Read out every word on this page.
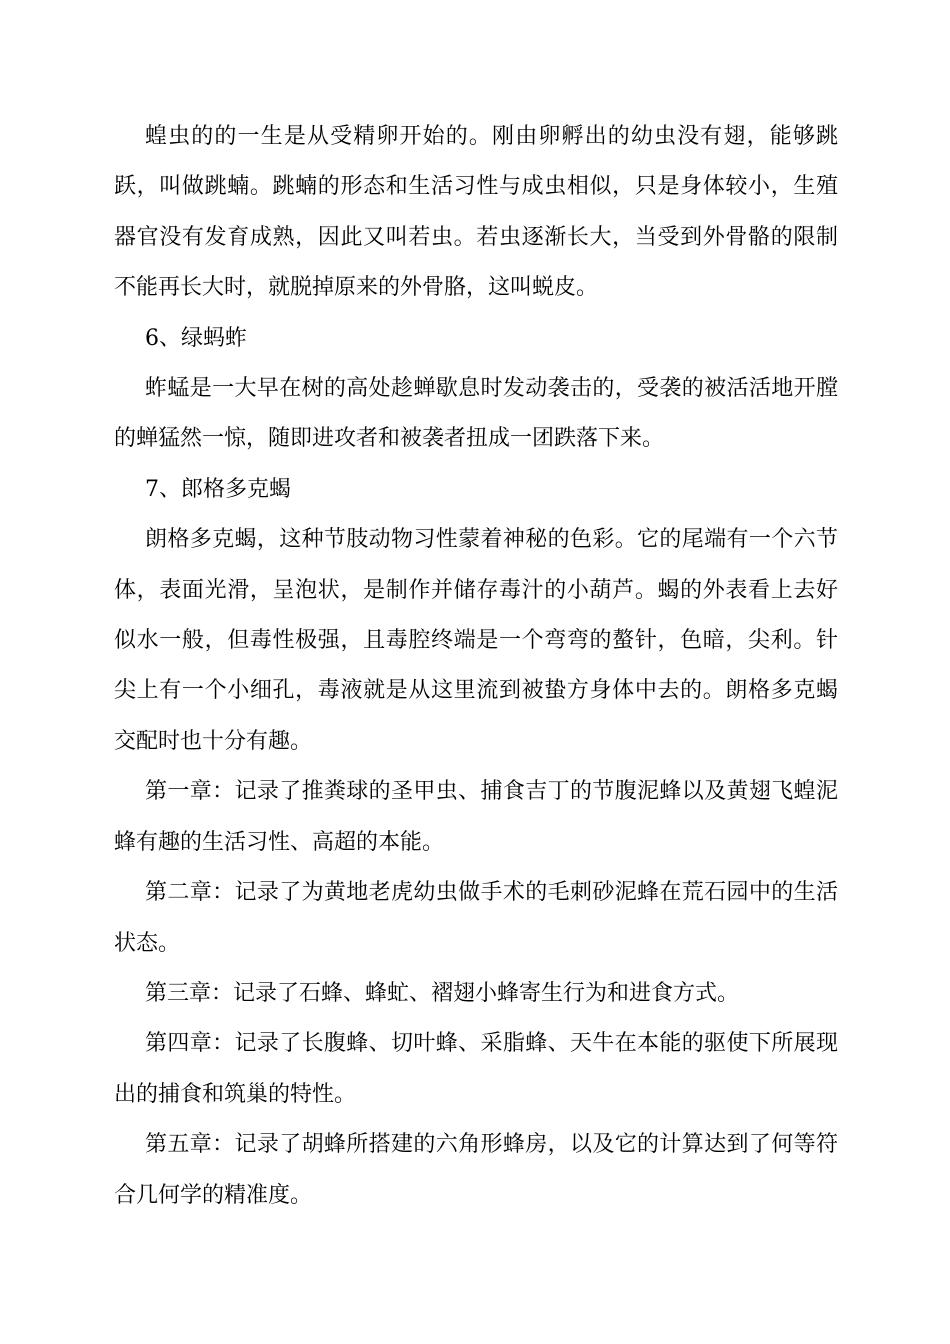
蝗虫的的一生是从受精卵开始的。刚由卵孵出的幼虫没有翅，能够跳跃，叫做跳蝻。跳蝻的形态和生活习性与成虫相似，只是身体较小，生殖器官没有发育成熟，因此又叫若虫。若虫逐渐长大，当受到外骨骼的限制不能再长大时，就脱掉原来的外骨胳，这叫蜕皮。

6、绿蚂蚱

蚱蜢是一大早在树的高处趁蝉歇息时发动袭击的，受袭的被活活地开膛的蝉猛然一惊，随即进攻者和被袭者扭成一团跌落下来。

7、郎格多克蝎

朗格多克蝎，这种节肢动物习性蒙着神秘的色彩。它的尾端有一个六节体，表面光滑，呈泡状，是制作并储存毒汁的小葫芦。蝎的外表看上去好似水一般，但毒性极强，且毒腔终端是一个弯弯的螯针，色暗，尖利。针尖上有一个小细孔，毒液就是从这里流到被蛰方身体中去的。朗格多克蝎交配时也十分有趣。

第一章：记录了推粪球的圣甲虫、捕食吉丁的节腹泥蜂以及黄翅飞蝗泥蜂有趣的生活习性、高超的本能。

第二章：记录了为黄地老虎幼虫做手术的毛刺砂泥蜂在荒石园中的生活状态。

第三章：记录了石蜂、蜂虻、褶翅小蜂寄生行为和进食方式。

第四章：记录了长腹蜂、切叶蜂、采脂蜂、天牛在本能的驱使下所展现出的捕食和筑巢的特性。

第五章：记录了胡蜂所搭建的六角形蜂房，以及它的计算达到了何等符合几何学的精准度。
